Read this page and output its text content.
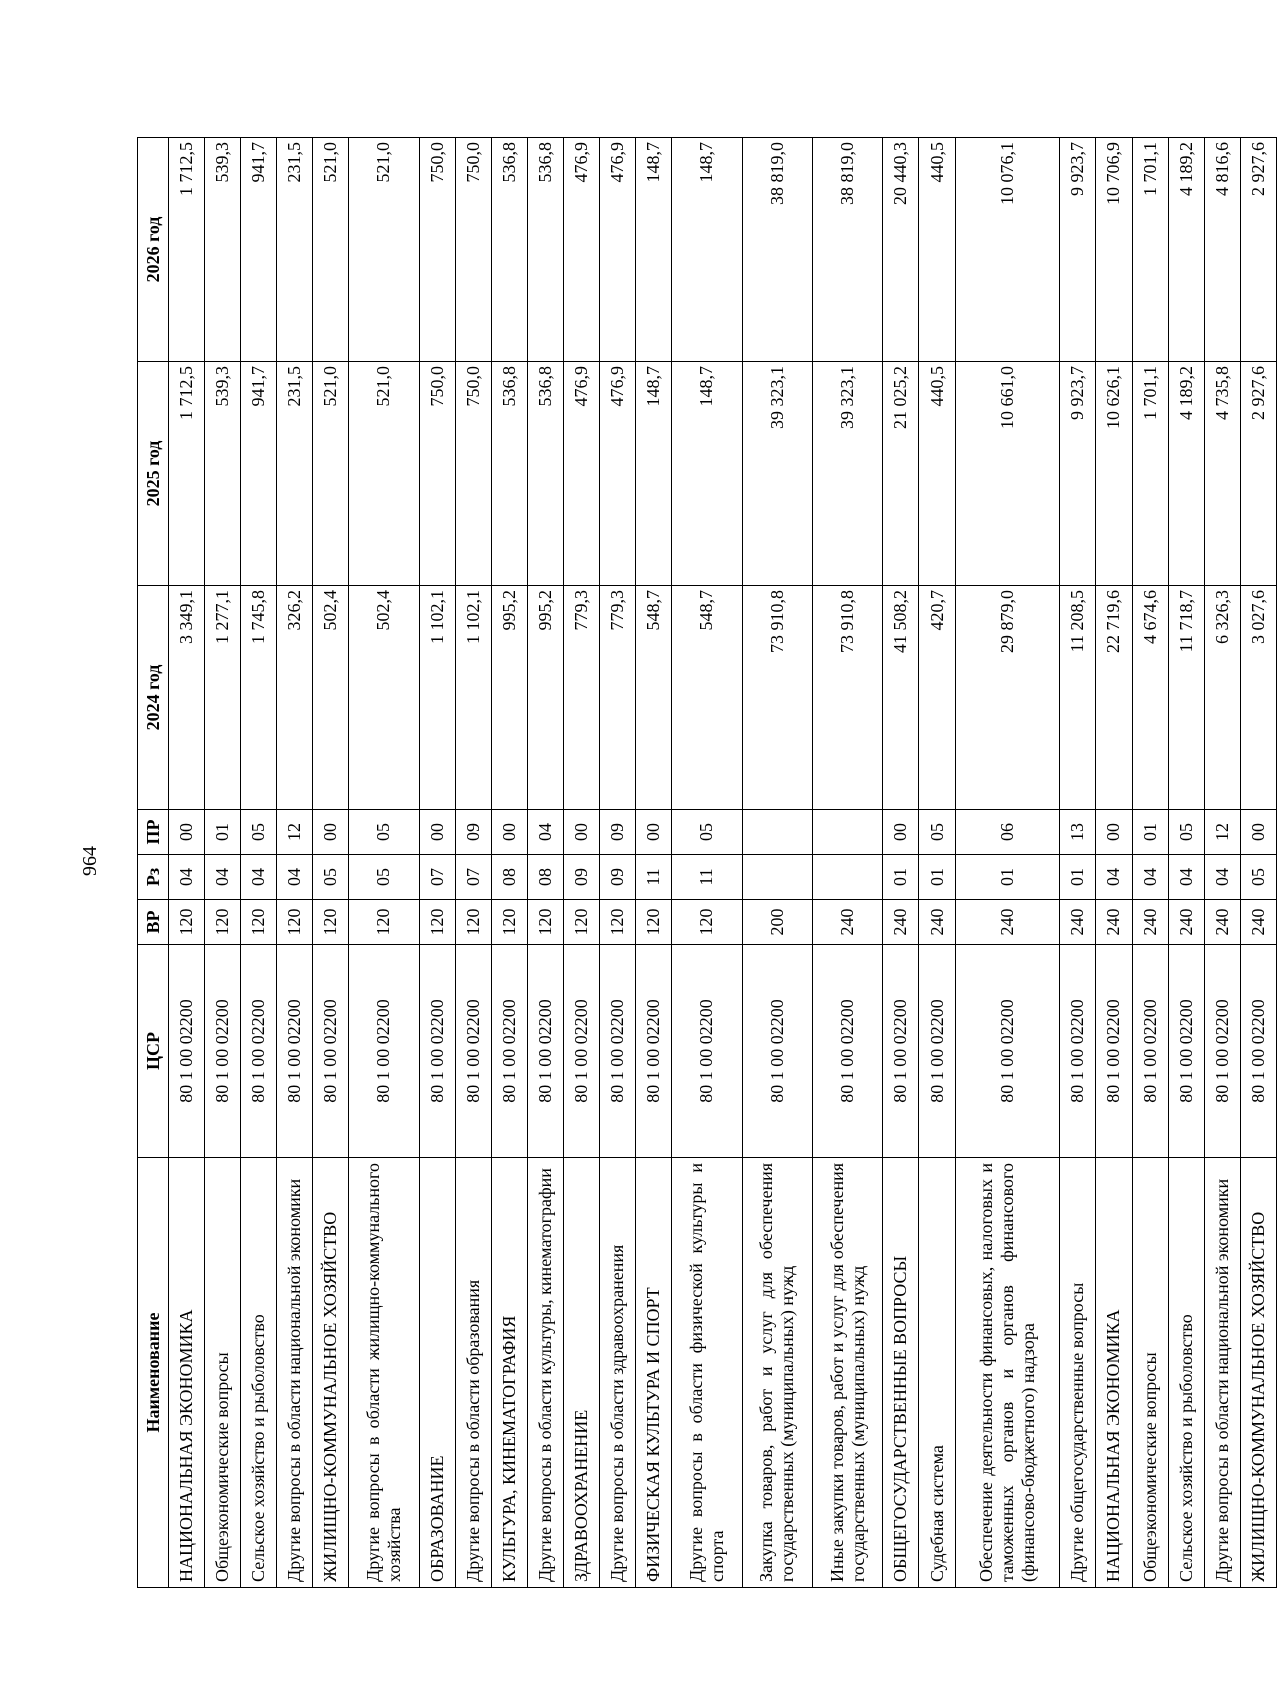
964
Наименование	ЦСР	ВР	Рз	ПР	2024 год	2025 год	2026 год
НАЦИОНАЛЬНАЯ ЭКОНОМИКА	80 1 00 02200	120	04	00	3 349,1	1 712,5	1 712,5
Общеэкономические вопросы	80 1 00 02200	120	04	01	1 277,1	539,3	539,3
Сельское хозяйство и рыболовство	80 1 00 02200	120	04	05	1 745,8	941,7	941,7
Другие вопросы в области национальной экономики	80 1 00 02200	120	04	12	326,2	231,5	231,5
ЖИЛИЩНО-КОММУНАЛЬНОЕ ХОЗЯЙСТВО	80 1 00 02200	120	05	00	502,4	521,0	521,0
Другие вопросы в области жилищно-коммунального хозяйства	80 1 00 02200	120	05	05	502,4	521,0	521,0
ОБРАЗОВАНИЕ	80 1 00 02200	120	07	00	1 102,1	750,0	750,0
Другие вопросы в области образования	80 1 00 02200	120	07	09	1 102,1	750,0	750,0
КУЛЬТУРА, КИНЕМАТОГРАФИЯ	80 1 00 02200	120	08	00	995,2	536,8	536,8
Другие вопросы в области культуры, кинематографии	80 1 00 02200	120	08	04	995,2	536,8	536,8
ЗДРАВООХРАНЕНИЕ	80 1 00 02200	120	09	00	779,3	476,9	476,9
Другие вопросы в области здравоохранения	80 1 00 02200	120	09	09	779,3	476,9	476,9
ФИЗИЧЕСКАЯ КУЛЬТУРА И СПОРТ	80 1 00 02200	120	11	00	548,7	148,7	148,7
Другие вопросы в области физической культуры и спорта	80 1 00 02200	120	11	05	548,7	148,7	148,7
Закупка товаров, работ и услуг для обеспечения государственных (муниципальных) нужд	80 1 00 02200	200			73 910,8	39 323,1	38 819,0
Иные закупки товаров, работ и услуг для обеспечения государственных (муниципальных) нужд	80 1 00 02200	240			73 910,8	39 323,1	38 819,0
ОБЩЕГОСУДАРСТВЕННЫЕ ВОПРОСЫ	80 1 00 02200	240	01	00	41 508,2	21 025,2	20 440,3
Судебная система	80 1 00 02200	240	01	05	420,7	440,5	440,5
Обеспечение деятельности финансовых, налоговых и таможенных органов и органов финансового (финансово-бюджетного) надзора	80 1 00 02200	240	01	06	29 879,0	10 661,0	10 076,1
Другие общегосударственные вопросы	80 1 00 02200	240	01	13	11 208,5	9 923,7	9 923,7
НАЦИОНАЛЬНАЯ ЭКОНОМИКА	80 1 00 02200	240	04	00	22 719,6	10 626,1	10 706,9
Общеэкономические вопросы	80 1 00 02200	240	04	01	4 674,6	1 701,1	1 701,1
Сельское хозяйство и рыболовство	80 1 00 02200	240	04	05	11 718,7	4 189,2	4 189,2
Другие вопросы в области национальной экономики	80 1 00 02200	240	04	12	6 326,3	4 735,8	4 816,6
ЖИЛИЩНО-КОММУНАЛЬНОЕ ХОЗЯЙСТВО	80 1 00 02200	240	05	00	3 027,6	2 927,6	2 927,6
